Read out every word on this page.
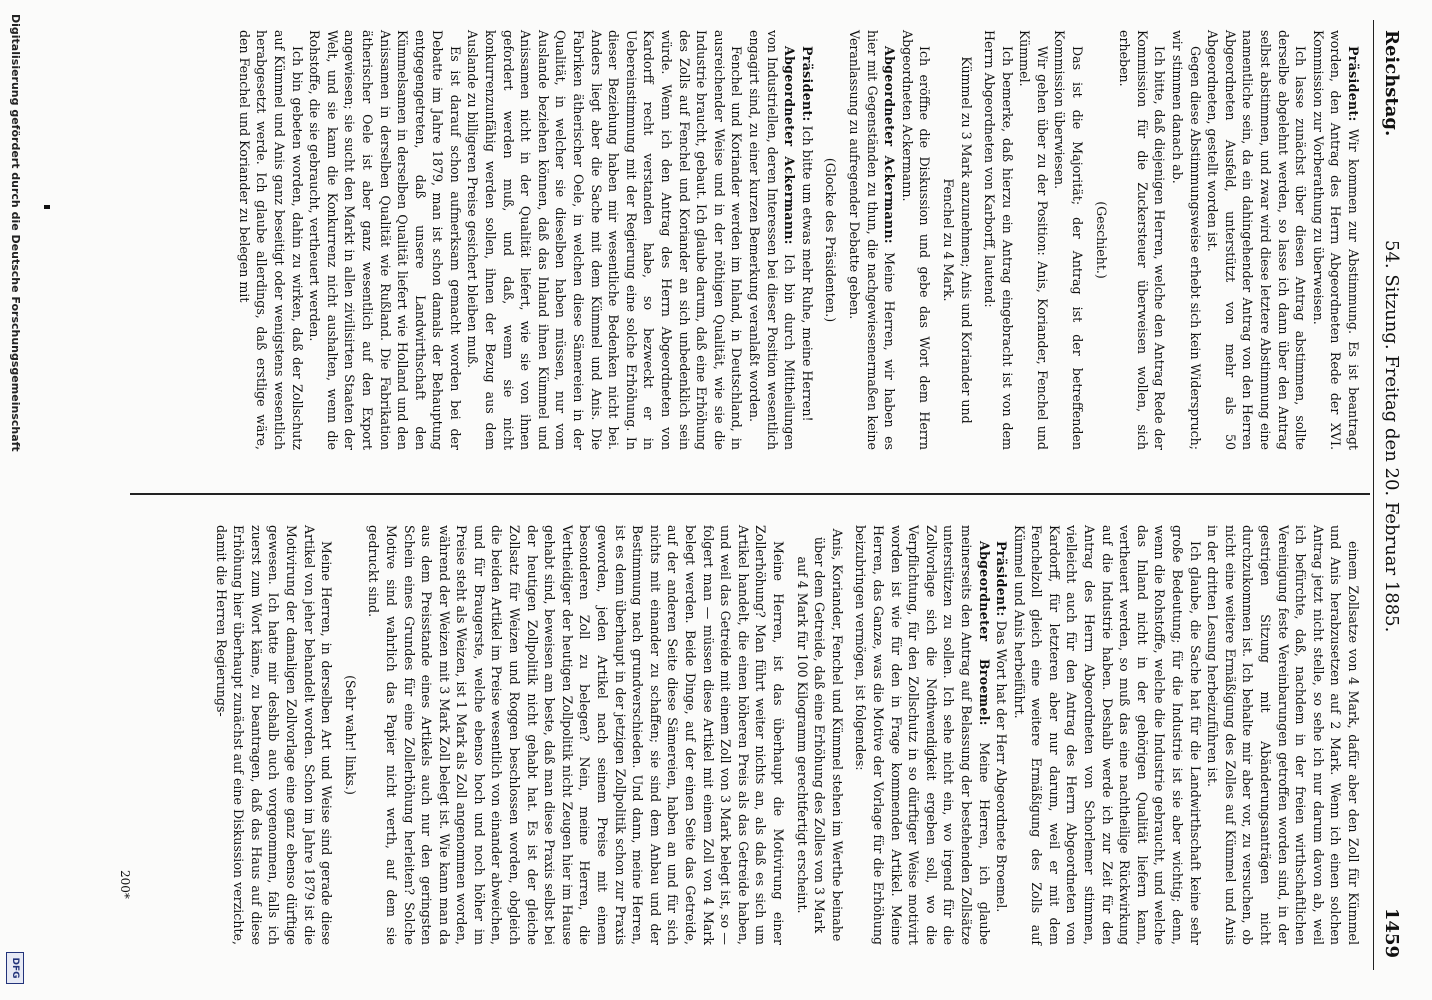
Reichstag.
54. Sitzung. Freitag den 20. Februar 1885.
1459

Präsident: Wir kommen zur Abstimmung. Es ist beantragt worden, den Antrag des Herrn Abgeordneten Rede der XVI. Kommission zur Vorberathung zu überweisen.

Ich lasse zunächst über diesen Antrag abstimmen, sollte derselbe abgelehnt werden, so lasse ich dann über den Antrag selbst abstimmen, und zwar wird diese letztere Abstimmung eine namentliche sein, da ein dahingehender Antrag von den Herren Abgeordneten Ausfeld, unterstützt von mehr als 50 Abgeordneten, gestellt worden ist.

Gegen diese Abstimmungsweise erhebt sich kein Widerspruch; wir stimmen danach ab.

Ich bitte, daß diejenigen Herren, welche den Antrag Rede der Kommission für die Zuckersteuer überweisen wollen, sich erheben.

(Geschieht.)

Das ist die Majorität; der Antrag ist der betreffenden Kommission überwiesen.

Wir gehen über zu der Position: Anis, Koriander, Fenchel und Kümmel.

Ich bemerke, daß hierzu ein Antrag eingebracht ist von dem Herrn Abgeordneten von Karborff, lautend:

Kümmel zu 3 Mark anzunehmen; Anis und Koriander und Fenchel zu 4 Mark.

Ich eröffne die Diskussion und gebe das Wort dem Herrn Abgeordneten Ackermann.

Abgeordneter Ackermann: Meine Herren, wir haben es hier mit Gegenständen zu thun, die nachgewiesenermaßen keine Veranlassung zu aufregender Debatte geben.

(Glocke des Präsidenten.)

Präsident: Ich bitte um etwas mehr Ruhe, meine Herren!

Abgeordneter Ackermann: Ich bin durch Mittheilungen von Industriellen, deren Interessen bei dieser Position wesentlich engagirt sind, zu einer kurzen Bemerkung veranlaßt worden.

Fenchel und Koriander werden im Inland, in Deutschland, in ausreichender Weise und in der nöthigen Qualität, wie sie die Industrie braucht, gebaut. Ich glaube darum, daß eine Erhöhung des Zolls auf Fenchel und Koriander an sich unbedenklich sein würde. Wenn ich den Antrag des Herrn Abgeordneten von Kardorff recht verstanden habe, so bezweckt er in Uebereinstimmung mit der Regierung eine solche Erhöhung. In dieser Beziehung haben mir wesentliche Bedenken nicht bei. Anders liegt aber die Sache mit dem Kümmel und Anis. Die Fabriken ätherischer Oele, in welchen diese Sämereien in der Qualität, in welcher sie dieselben haben müssen, nur vom Auslande beziehen können, daß das Inland ihnen Kümmel und Anissamen nicht in der Qualität liefert, wie sie von ihnen gefordert werden muß, und daß, wenn sie nicht konkurrenzunfähig werden sollen, ihnen der Bezug aus dem Auslande zu billigeren Preise gesichert bleiben muß.

Es ist darauf schon aufmerksam gemacht worden bei der Debatte im Jahre 1879, man ist schon damals der Behauptung entgegengetreten, daß unsere Landwirthschaft den Kümmelsamen in derselben Qualität liefert wie Holland und den Anissamen in derselben Qualität wie Rußland. Die Fabrikation ätherischer Oele ist aber ganz wesentlich auf den Export angewiesen; sie sucht den Markt in allen zivilisirten Staaten der Welt, und sie kann die Konkurrenz nicht aushalten, wenn die Rohstoffe, die sie gebraucht, vertheuert werden.

Ich bin gebeten worden, dahin zu wirken, daß der Zollschutz auf Kümmel und Anis ganz beseitigt oder wenigstens wesentlich herabgesetzt werde. Ich glaube allerdings, daß erstlige wäre, den Fenchel und Koriander zu belegen mit

einem Zollsatze von 4 Mark, dafür aber den Zoll für Kümmel und Anis herabzusetzen auf 2 Mark. Wenn ich einen solchen Antrag jetzt nicht stelle, so sehe ich nur darum davon ab, weil ich befürchte, daß, nachdem in der freien wirthschaftlichen Vereinigung feste Vereinbarungen getroffen worden sind, in der gestrigen Sitzung mit Abänderungsanträgen nicht durchzukommen ist. Ich behalte mir aber vor, zu versuchen, ob nicht eine weitere Ermäßigung des Zolles auf Kümmel und Anis in der dritten Lesung herbeizuführen ist.

Ich glaube, die Sache hat für die Landwirthschaft keine sehr große Bedeutung; für die Industrie ist sie aber wichtig; denn, wenn die Rohstoffe, welche die Industrie gebraucht, und welche das Inland nicht in der gehörigen Qualität liefern kann, vertheuert werden, so muß das eine nachtheilige Rückwirkung auf die Industrie haben. Deshalb werde ich zur Zeit für den Antrag des Herrn Abgeordneten von Schorlemer stimmen, vielleicht auch für den Antrag des Herrn Abgeordneten von Kardorff, für letzteren aber nur darum, weil er mit dem Fenchelzoll gleich eine weitere Ermäßigung des Zolls auf Kümmel und Anis herbeiführt.

Präsident: Das Wort hat der Herr Abgeordnete Broemel.

Abgeordneter Broemel: Meine Herren, ich glaube meinerseits den Antrag auf Belassung der bestehenden Zollsätze unterstützen zu sollen. Ich sehe nicht ein, wo irgend für die Zollvorlage sich die Nothwendigkeit ergeben soll, wo die Verpflichtung, für den Zollschutz in so dürftiger Weise motivirt worden ist wie für den in Frage kommenden Artikel. Meine Herren, das Ganze, was die Motive der Vorlage für die Erhöhung beizubringen vermögen, ist folgendes:

Anis, Koriander, Fenchel und Kümmel stehen im Werthe beinahe über dem Getreide, daß eine Erhöhung des Zolles von 3 Mark auf 4 Mark für 100 Kilogramm gerechtfertigt erscheint.

Meine Herren, ist das überhaupt die Motivirung einer Zollerhöhung? Man führt weiter nichts an, als daß es sich um Artikel handelt, die einen höheren Preis als das Getreide haben, und weil das Getreide mit einem Zoll von 3 Mark belegt ist, so — folgert man — müssen diese Artikel mit einem Zoll von 4 Mark belegt werden. Beide Dinge, auf der einen Seite das Getreide, auf der anderen Seite diese Sämereien, haben an und für sich nichts mit einander zu schaffen; sie sind dem Anbau und der Bestimmung nach grundverschieden. Und dann, meine Herren, ist es denn überhaupt in der jetzigen Zollpolitik schon zur Praxis geworden, jeden Artikel nach seinem Preise mit einem besonderen Zoll zu belegen? Nein, meine Herren, die Vertheidiger der heutigen Zollpolitik nicht Zeugen hier im Hause gehabt sind, beweisen am beste, daß man diese Praxis selbst bei der heutigen Zollpolitik nicht gehabt hat. Es ist der gleiche Zollsatz für Weizen und Roggen beschlossen worden, obgleich die beiden Artikel im Preise wesentlich von einander abweichen, und für Braugerste, welche ebenso hoch und noch höher im Preise steht als Weizen, ist 1 Mark als Zoll angenommen worden, während der Weizen mit 3 Mark Zoll belegt ist. Wie kann man da aus dem Preisstande eines Artikels auch nur den geringsten Schein eines Grundes für eine Zollerhöhung herleiten? Solche Motive sind wahrlich das Papier nicht werth, auf dem sie gedruckt sind.

(Sehr wahr! links.)

Meine Herren, in derselben Art und Weise sind gerade diese Artikel von jeher behandelt worden. Schon im Jahre 1879 ist die Motivirung der damaligen Zollvorlage eine ganz ebenso dürftige gewesen. Ich hatte mir deshalb auch vorgenommen, falls ich zuerst zum Wort käme, zu beantragen, daß das Haus auf diese Erhöhung hier überhaupt zunächst auf eine Diskussion verzichte, damit die Herren Regierungs-

200*
Digitalisierung gefördert durch die Deutsche Forschungsgemeinschaft
DFG
